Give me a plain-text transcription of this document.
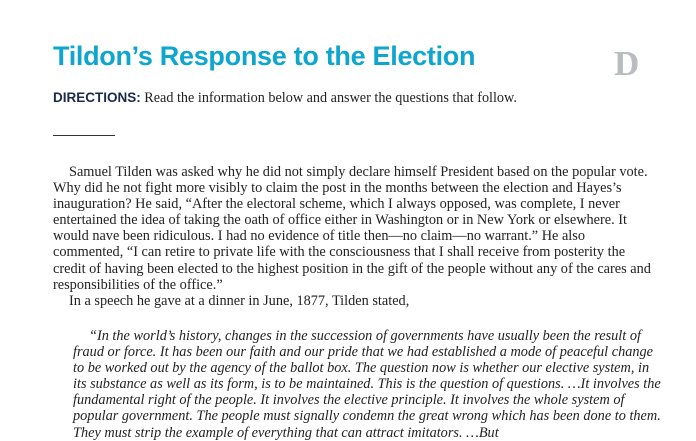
Tildon’s Response to the Election	D
DIRECTIONS: Read the information below and answer the questions that follow.

Samuel Tilden was asked why he did not simply declare himself President based on the popular vote. Why did he not fight more visibly to claim the post in the months between the election and Hayes’s inauguration? He said, “After the electoral scheme, which I always opposed, was complete, I never entertained the idea of taking the oath of office either in Washington or in New York or elsewhere. It would nave been ridiculous. I had no evidence of title then—no claim—no warrant.” He also commented, “I can retire to private life with the consciousness that I shall receive from posterity the credit of having been elected to the highest position in the gift of the people without any of the cares and responsibilities of the office.”

In a speech he gave at a dinner in June, 1877, Tilden stated,

“In the world’s history, changes in the succession of governments have usually been the result of fraud or force. It has been our faith and our pride that we had established a mode of peaceful change to be worked out by the agency of the ballot box. The question now is whether our elective system, in its substance as well as its form, is to be maintained. This is the question of questions. …It involves the fundamental right of the people. It involves the elective principle. It involves the whole system of popular government. The people must signally condemn the great wrong which has been done to them. They must strip the example of everything that can attract imitators. …But
